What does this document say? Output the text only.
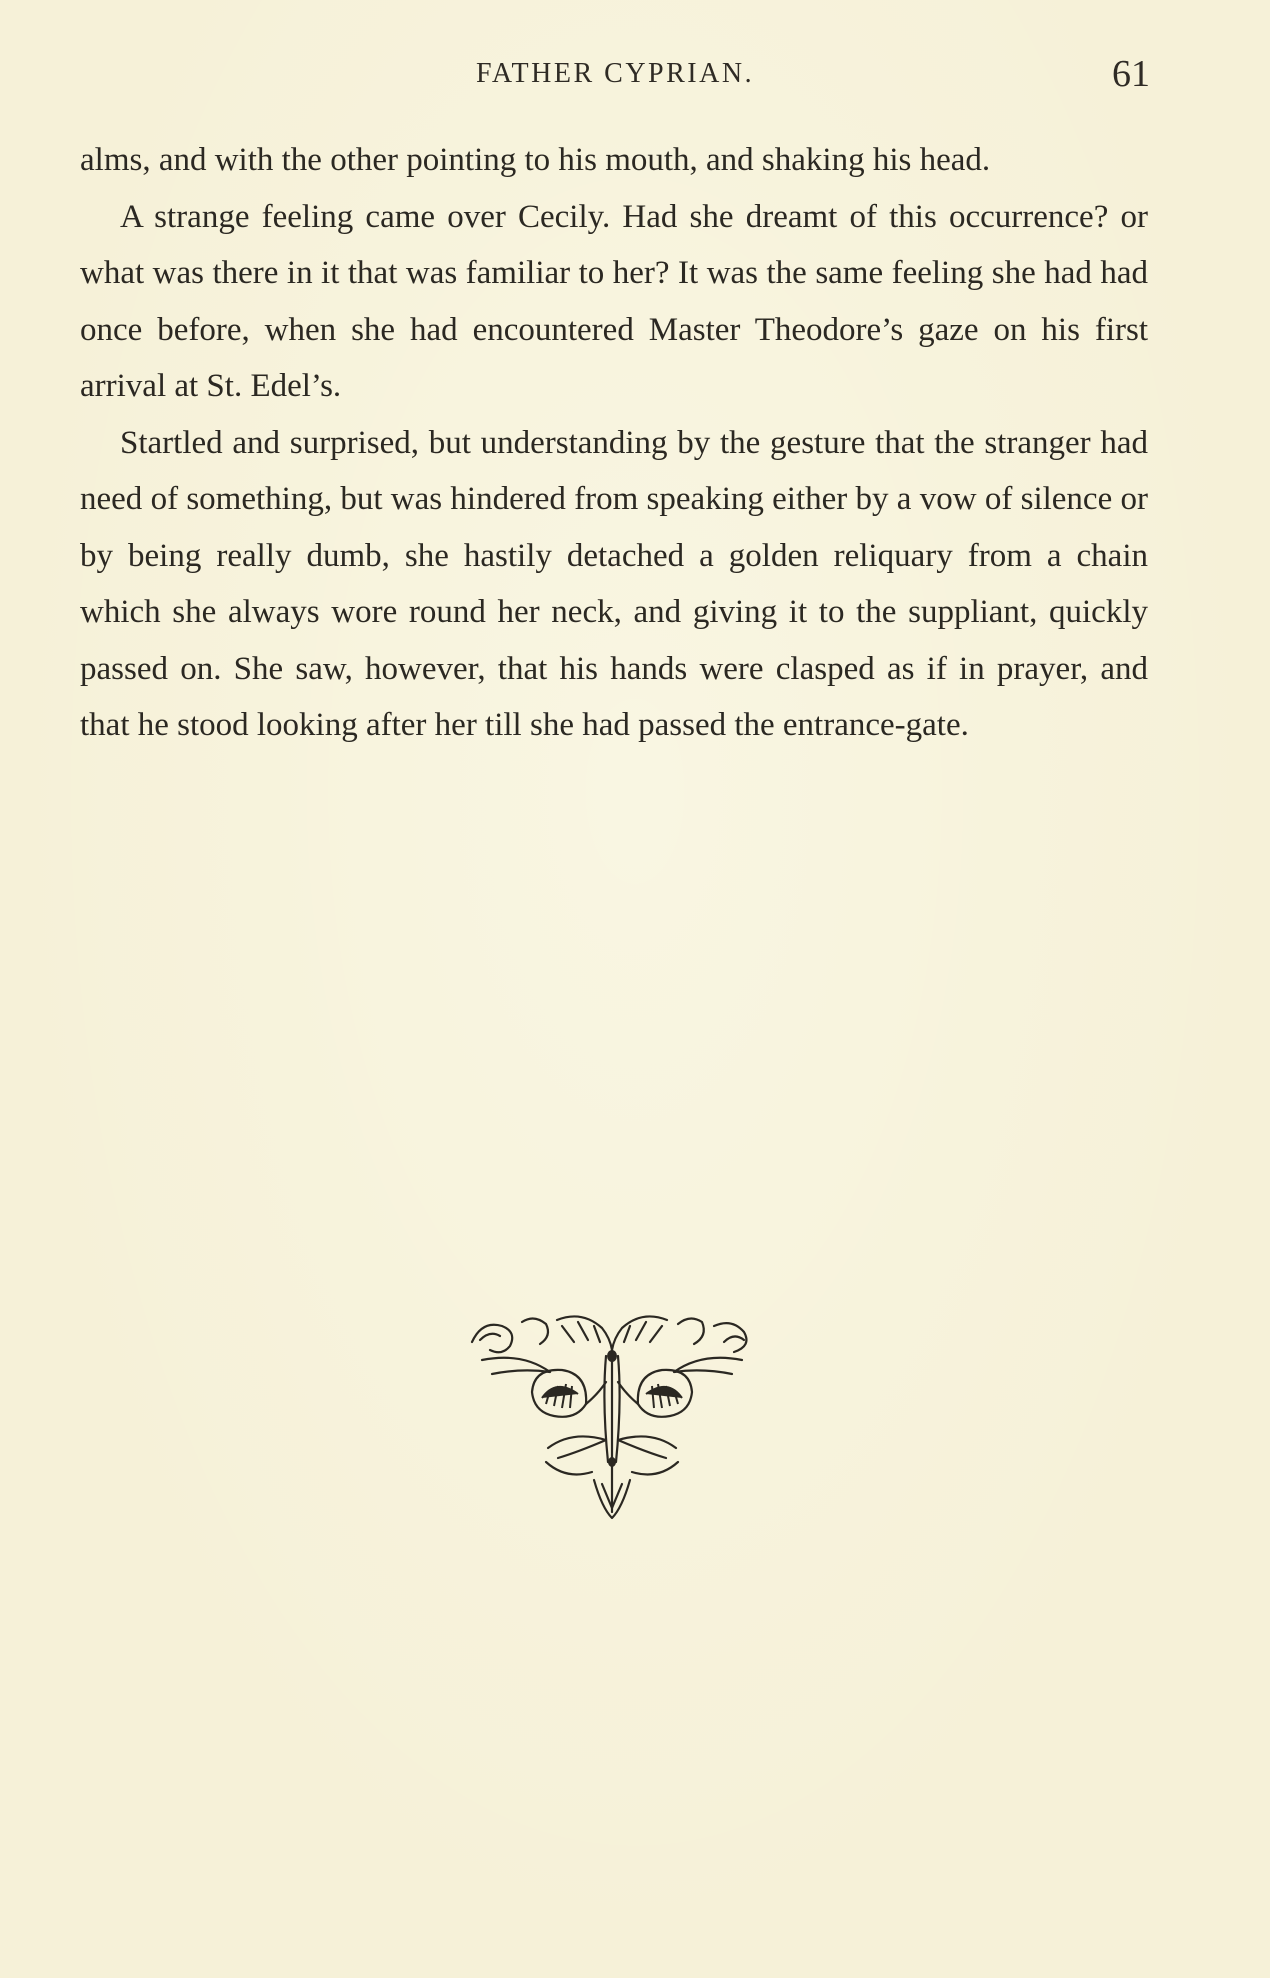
FATHER CYPRIAN.	61

alms, and with the other pointing to his mouth, and shaking his head.

A strange feeling came over Cecily. Had she dreamt of this occurrence? or what was there in it that was familiar to her? It was the same feeling she had had once before, when she had encountered Master Theodore’s gaze on his first arrival at St. Edel’s.

Startled and surprised, but understanding by the gesture that the stranger had need of something, but was hindered from speaking either by a vow of silence or by being really dumb, she hastily detached a golden reliquary from a chain which she always wore round her neck, and giving it to the suppliant, quickly passed on. She saw, however, that his hands were clasped as if in prayer, and that he stood looking after her till she had passed the entrance-gate.
